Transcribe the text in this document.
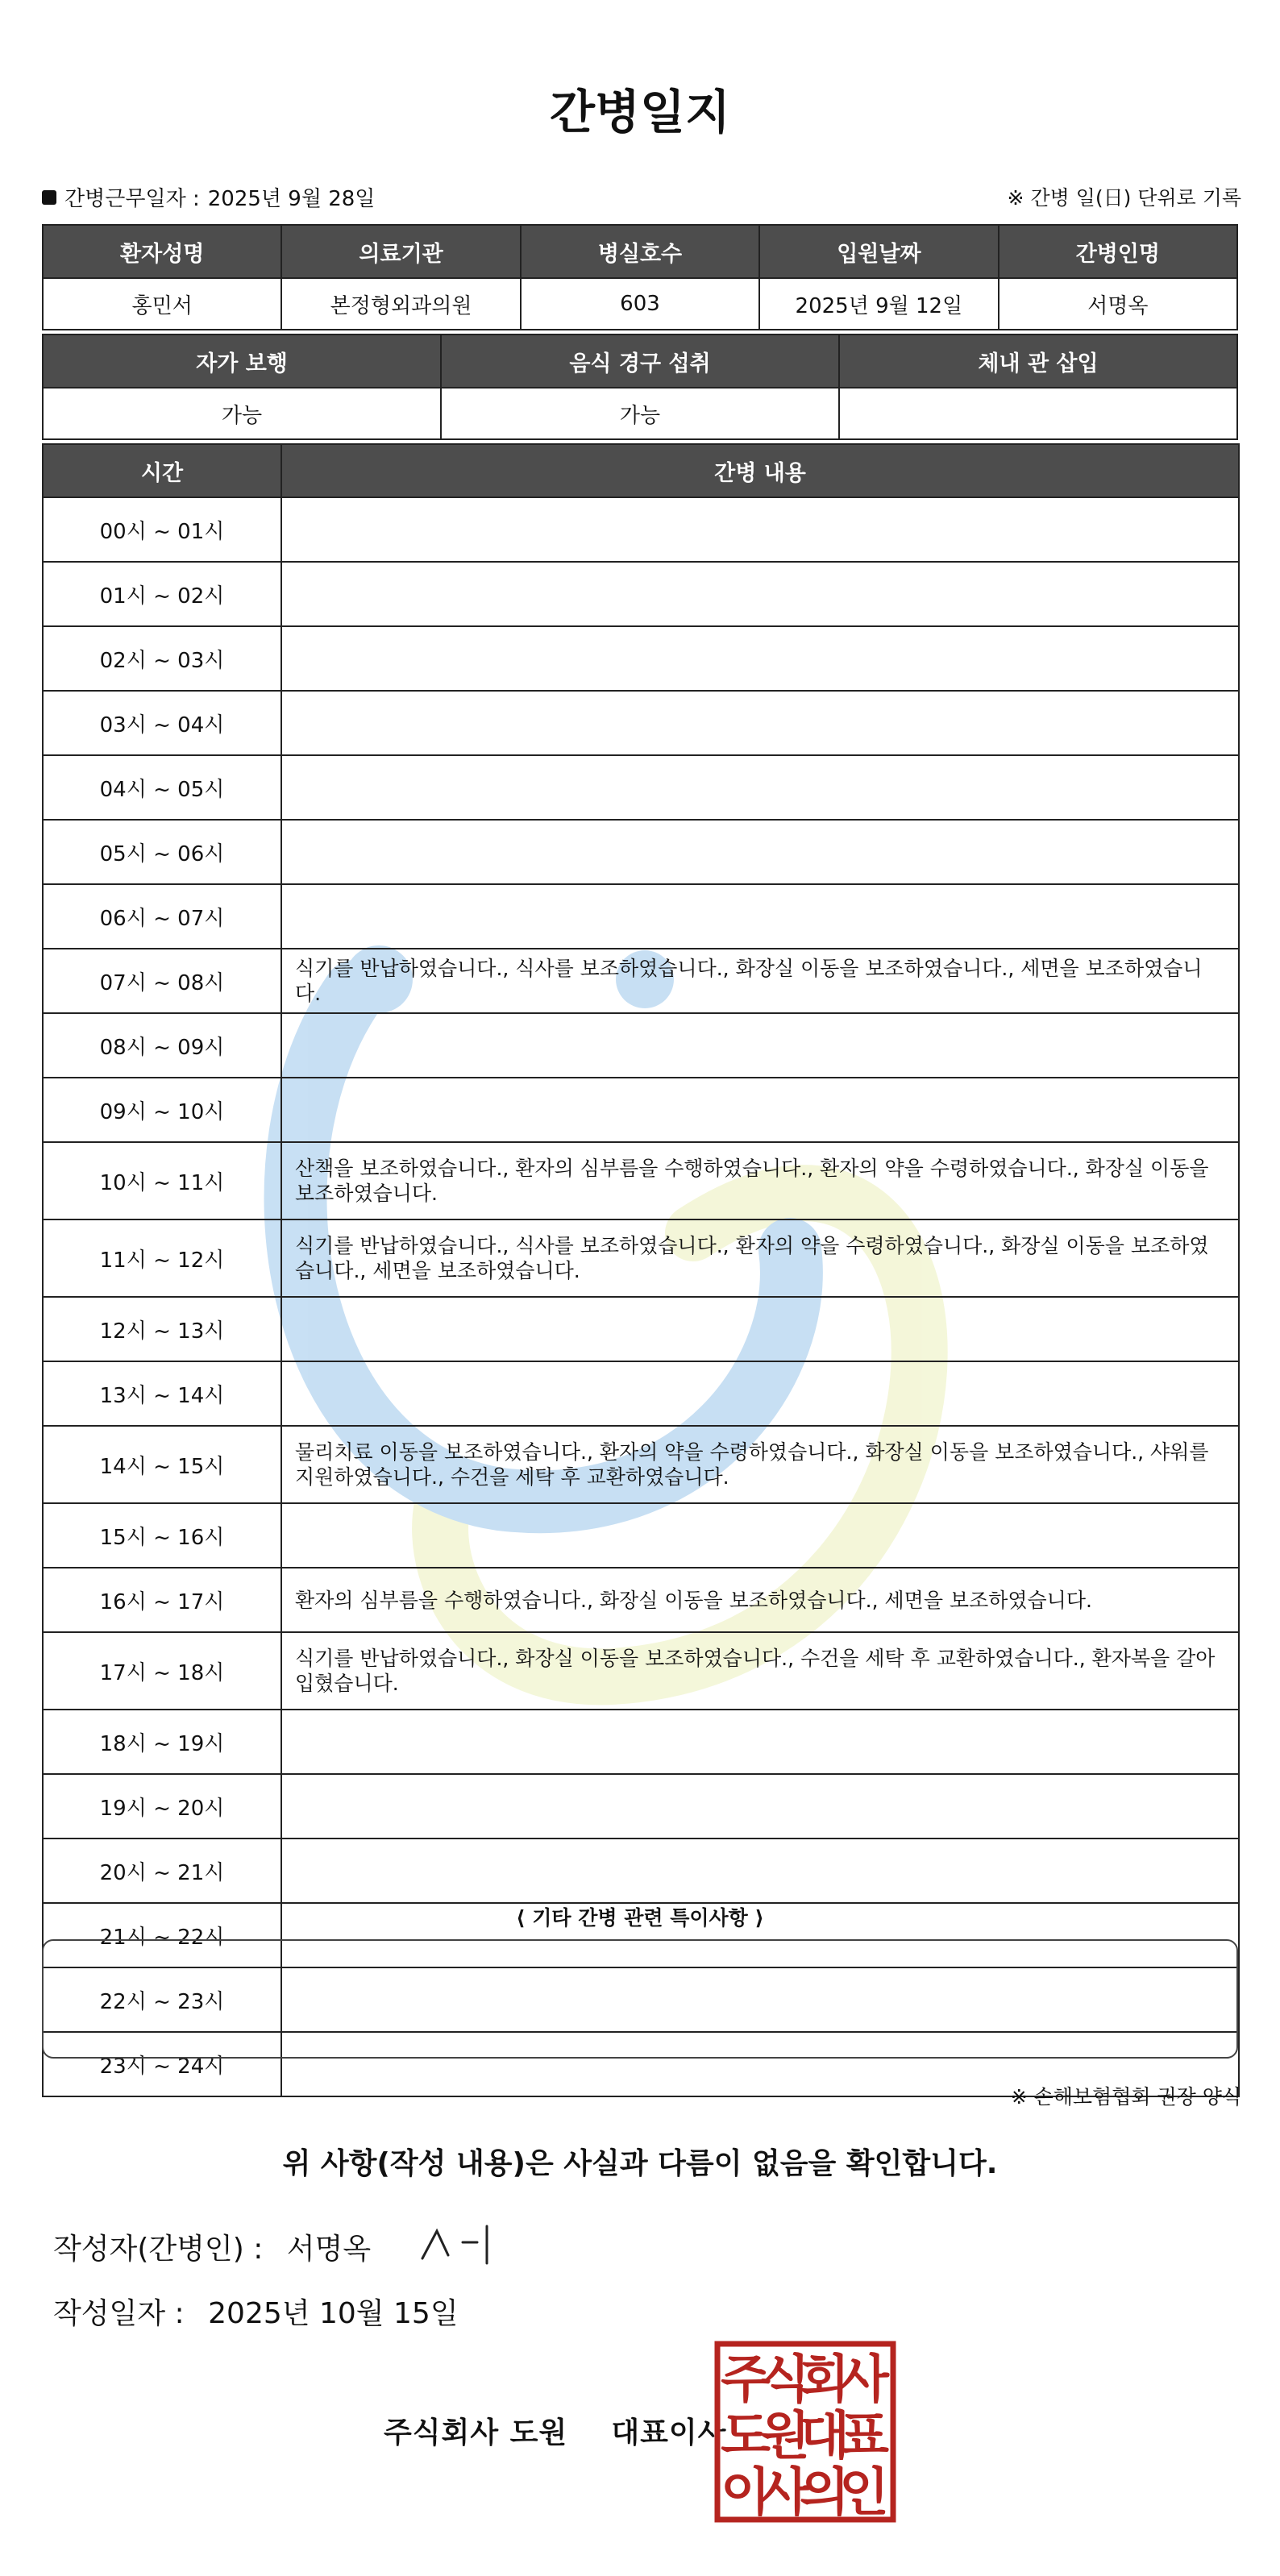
간병일지
간병근무일자 : 2025년 9월 28일	※ 간병 일(日) 단위로 기록
환자성명	의료기관	병실호수	입원날짜	간병인명
홍민서	본정형외과의원	603	2025년 9월 12일	서명옥
자가 보행	음식 경구 섭취	체내 관 삽입
가능	가능	
시간	간병 내용
00시 ~ 01시	
01시 ~ 02시	
02시 ~ 03시	
03시 ~ 04시	
04시 ~ 05시	
05시 ~ 06시	
06시 ~ 07시	
07시 ~ 08시	식기를 반납하였습니다., 식사를 보조하였습니다., 화장실 이동을 보조하였습니다., 세면을 보조하였습니다.
08시 ~ 09시	
09시 ~ 10시	
10시 ~ 11시	산책을 보조하였습니다., 환자의 심부름을 수행하였습니다., 환자의 약을 수령하였습니다., 화장실 이동을 보조하였습니다.
11시 ~ 12시	식기를 반납하였습니다., 식사를 보조하였습니다., 환자의 약을 수령하였습니다., 화장실 이동을 보조하였습니다., 세면을 보조하였습니다.
12시 ~ 13시	
13시 ~ 14시	
14시 ~ 15시	물리치료 이동을 보조하였습니다., 환자의 약을 수령하였습니다., 화장실 이동을 보조하였습니다., 샤워를 지원하였습니다., 수건을 세탁 후 교환하였습니다.
15시 ~ 16시	
16시 ~ 17시	환자의 심부름을 수행하였습니다., 화장실 이동을 보조하였습니다., 세면을 보조하였습니다.
17시 ~ 18시	식기를 반납하였습니다., 화장실 이동을 보조하였습니다., 수건을 세탁 후 교환하였습니다., 환자복을 갈아입혔습니다.
18시 ~ 19시	
19시 ~ 20시	
20시 ~ 21시	
21시 ~ 22시	
22시 ~ 23시	
23시 ~ 24시	
⟨ 기타 간병 관련 특이사항 ⟩
※ 손해보험협회 권장 양식
위 사항(작성 내용)은 사실과 다름이 없음을 확인합니다.
작성자(간병인) : 서명옥
작성일자 : 2025년 10월 15일
주식회사 도원    대표이사
주
식
회
사
도
원
대
표
이
사
의
인
